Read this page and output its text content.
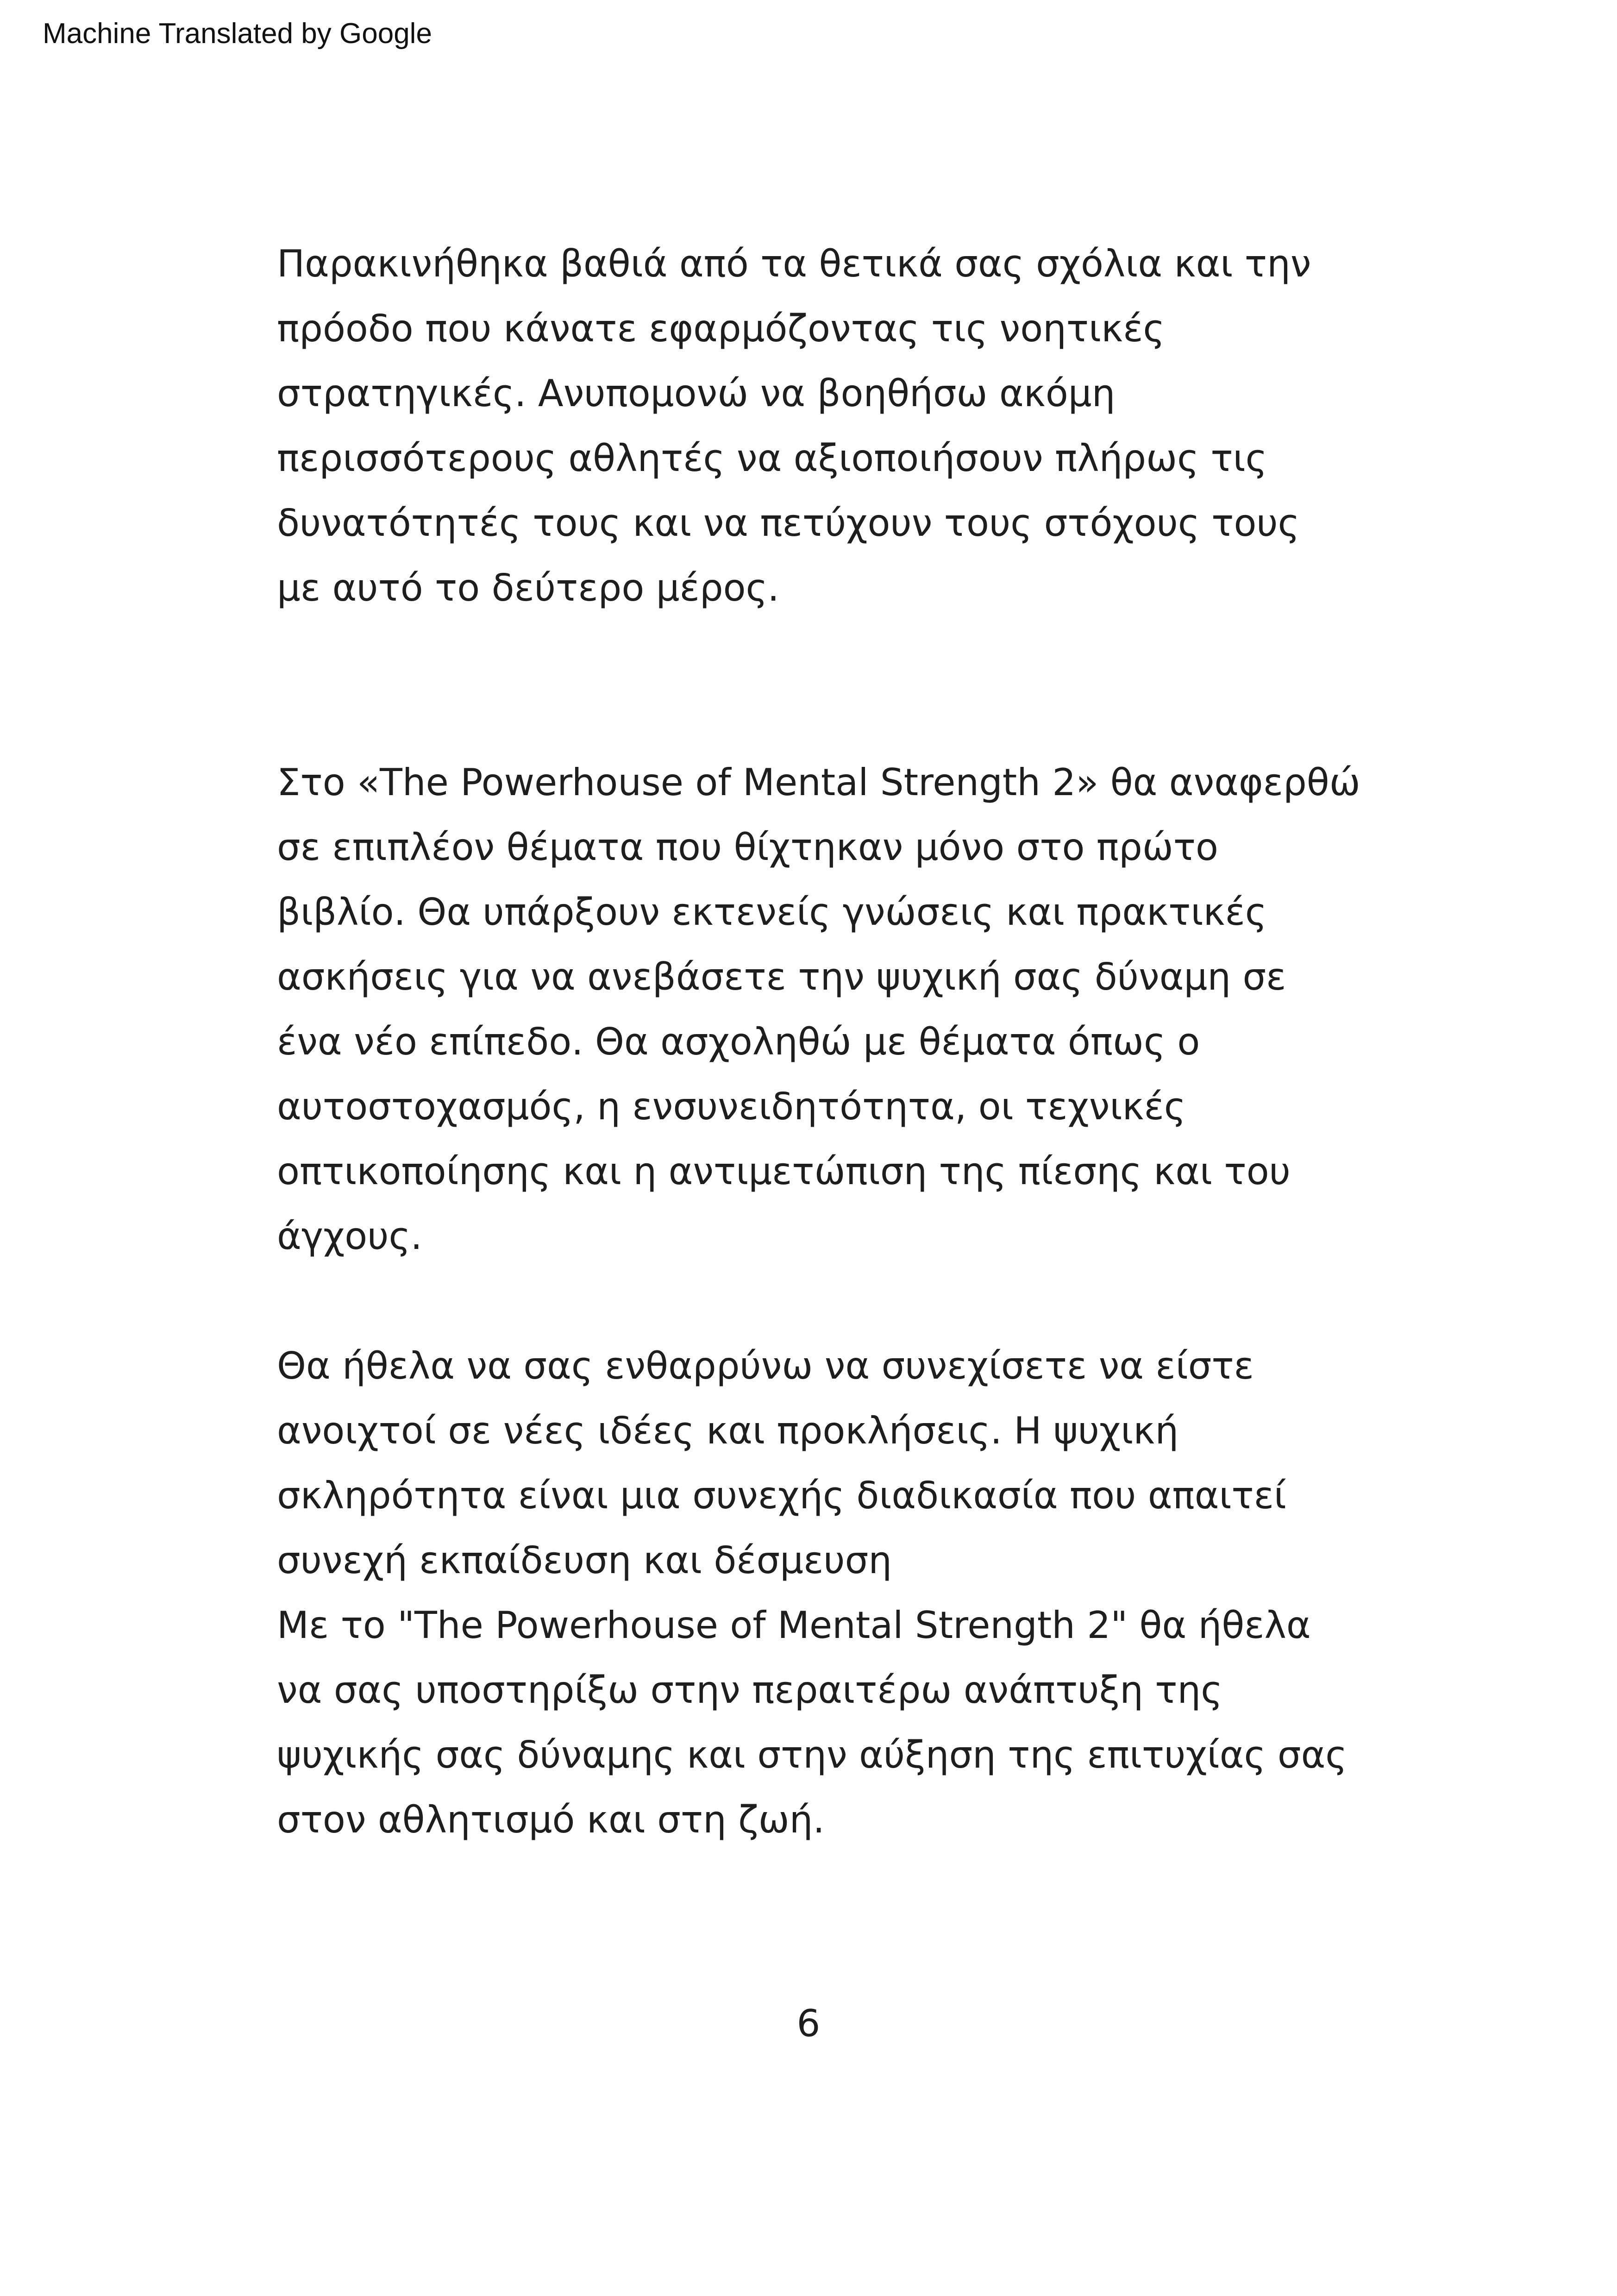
Machine Translated by Google

Παρακινήθηκα βαθιά από τα θετικά σας σχόλια και την
πρόοδο που κάνατε εφαρμόζοντας τις νοητικές
στρατηγικές. Ανυπομονώ να βοηθήσω ακόμη
περισσότερους αθλητές να αξιοποιήσουν πλήρως τις
δυνατότητές τους και να πετύχουν τους στόχους τους
με αυτό το δεύτερο μέρος.

Στο «The Powerhouse of Mental Strength 2» θα αναφερθώ
σε επιπλέον θέματα που θίχτηκαν μόνο στο πρώτο
βιβλίο. Θα υπάρξουν εκτενείς γνώσεις και πρακτικές
ασκήσεις για να ανεβάσετε την ψυχική σας δύναμη σε
ένα νέο επίπεδο. Θα ασχοληθώ με θέματα όπως ο
αυτοστοχασμός, η ενσυνειδητότητα, οι τεχνικές
οπτικοποίησης και η αντιμετώπιση της πίεσης και του
άγχους.

Θα ήθελα να σας ενθαρρύνω να συνεχίσετε να είστε
ανοιχτοί σε νέες ιδέες και προκλήσεις. Η ψυχική
σκληρότητα είναι μια συνεχής διαδικασία που απαιτεί
συνεχή εκπαίδευση και δέσμευση
Με το "The Powerhouse of Mental Strength 2" θα ήθελα
να σας υποστηρίξω στην περαιτέρω ανάπτυξη της
ψυχικής σας δύναμης και στην αύξηση της επιτυχίας σας
στον αθλητισμό και στη ζωή.

6
